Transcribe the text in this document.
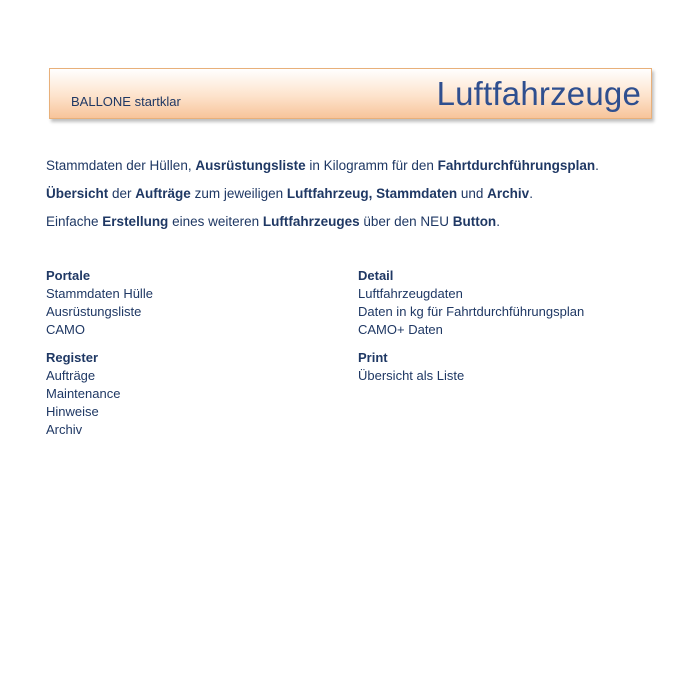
BALLONE startklar	Luftfahrzeuge

Stammdaten der Hüllen, Ausrüstungsliste in Kilogramm für den Fahrtdurchführungsplan.

Übersicht der Aufträge zum jeweiligen Luftfahrzeug, Stammdaten und Archiv.

Einfache Erstellung eines weiteren Luftfahrzeuges über den NEU Button.

Portale
Stammdaten Hülle
Ausrüstungsliste
CAMO
Register
Aufträge
Maintenance
Hinweise
Archiv
Detail
Luftfahrzeugdaten
Daten in kg für Fahrtdurchführungsplan
CAMO+ Daten
Print
Übersicht als Liste
